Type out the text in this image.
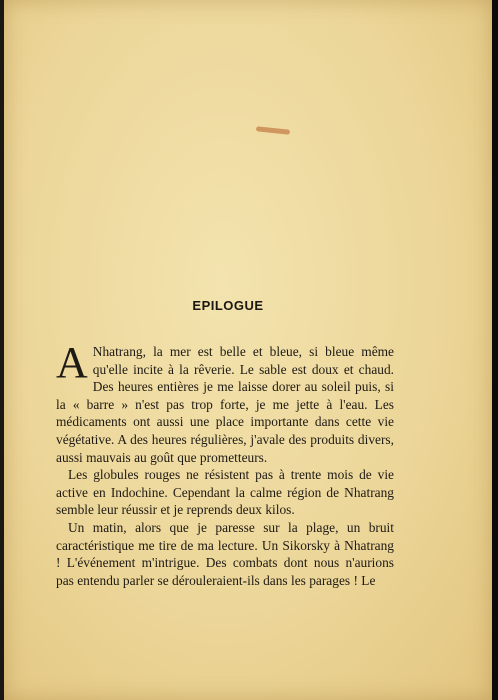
EPILOGUE

A Nhatrang, la mer est belle et bleue, si bleue même qu'elle incite à la rêverie. Le sable est doux et chaud. Des heures entières je me laisse dorer au soleil puis, si la « barre » n'est pas trop forte, je me jette à l'eau. Les médicaments ont aussi une place importante dans cette vie végétative. A des heures régulières, j'avale des produits divers, aussi mauvais au goût que prometteurs.

Les globules rouges ne résistent pas à trente mois de vie active en Indochine. Cependant la calme région de Nhatrang semble leur réussir et je reprends deux kilos.

Un matin, alors que je paresse sur la plage, un bruit caractéristique me tire de ma lecture. Un Sikorsky à Nhatrang ! L'événement m'intrigue. Des combats dont nous n'aurions pas entendu parler se dérouleraient-ils dans les parages ! Le
